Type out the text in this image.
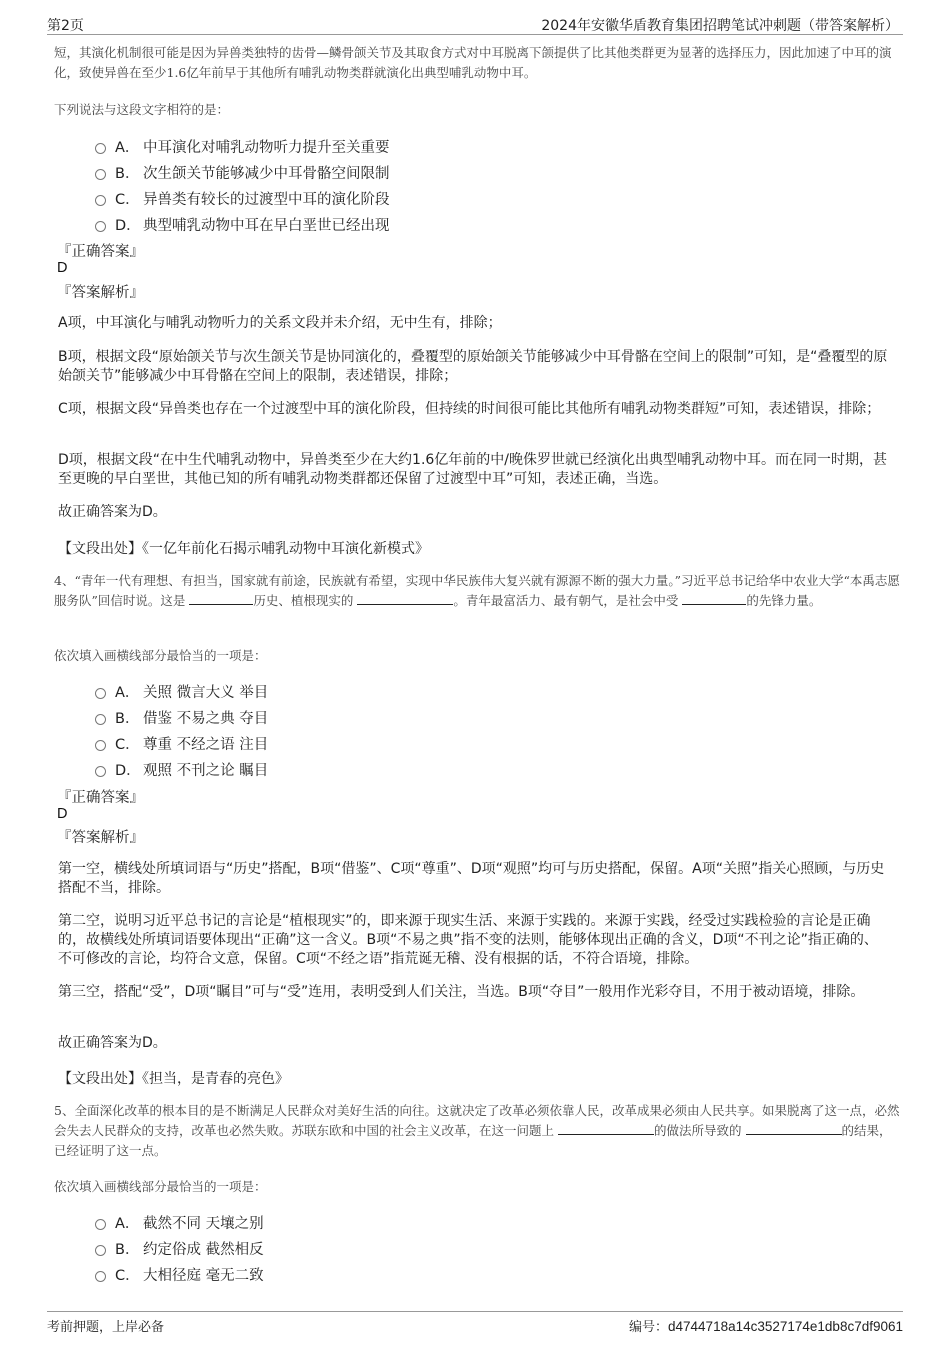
第2页	2024年安徽华盾教育集团招聘笔试冲刺题（带答案解析）
短，其演化机制很可能是因为异兽类独特的齿骨—鳞骨颌关节及其取食方式对中耳脱离下颌提供了比其他类群更为显著的选择压力，因此加速了中耳的演化，致使异兽在至少1.6亿年前早于其他所有哺乳动物类群就演化出典型哺乳动物中耳。
下列说法与这段文字相符的是：
A． 中耳演化对哺乳动物听力提升至关重要
B． 次生颌关节能够减少中耳骨骼空间限制
C． 异兽类有较长的过渡型中耳的演化阶段
D． 典型哺乳动物中耳在早白垩世已经出现
『正确答案』
D
『答案解析』
A项，中耳演化与哺乳动物听力的关系文段并未介绍，无中生有，排除；
B项，根据文段“原始颌关节与次生颌关节是协同演化的，叠覆型的原始颌关节能够减少中耳骨骼在空间上的限制”可知，是“叠覆型的原始颌关节”能够减少中耳骨骼在空间上的限制，表述错误，排除；
C项，根据文段“异兽类也存在一个过渡型中耳的演化阶段，但持续的时间很可能比其他所有哺乳动物类群短”可知，表述错误，排除；
D项，根据文段“在中生代哺乳动物中，异兽类至少在大约1.6亿年前的中/晚侏罗世就已经演化出典型哺乳动物中耳。而在同一时期，甚至更晚的早白垩世，其他已知的所有哺乳动物类群都还保留了过渡型中耳”可知，表述正确，当选。
故正确答案为D。
【文段出处】《一亿年前化石揭示哺乳动物中耳演化新模式》
4、“青年一代有理想、有担当，国家就有前途，民族就有希望，实现中华民族伟大复兴就有源源不断的强大力量。”习近平总书记给华中农业大学“本禹志愿服务队”回信时说。这是	历史、植根现实的	。青年最富活力、最有朝气，是社会中受	的先锋力量。
依次填入画横线部分最恰当的一项是：
A． 关照 微言大义 举目
B． 借鉴 不易之典 夺目
C． 尊重 不经之语 注目
D． 观照 不刊之论 瞩目
『正确答案』
D
『答案解析』
第一空，横线处所填词语与“历史”搭配，B项“借鉴”、C项“尊重”、D项“观照”均可与历史搭配，保留。A项“关照”指关心照顾，与历史搭配不当，排除。
第二空，说明习近平总书记的言论是“植根现实”的，即来源于现实生活、来源于实践的。来源于实践，经受过实践检验的言论是正确的，故横线处所填词语要体现出“正确”这一含义。B项“不易之典”指不变的法则，能够体现出正确的含义，D项“不刊之论”指正确的、不可修改的言论，均符合文意，保留。C项“不经之语”指荒诞无稽、没有根据的话，不符合语境，排除。
第三空，搭配“受”，D项“瞩目”可与“受”连用，表明受到人们关注，当选。B项“夺目”一般用作光彩夺目，不用于被动语境，排除。
故正确答案为D。
【文段出处】《担当，是青春的亮色》
5、全面深化改革的根本目的是不断满足人民群众对美好生活的向往。这就决定了改革必须依靠人民，改革成果必须由人民共享。如果脱离了这一点，必然会失去人民群众的支持，改革也必然失败。苏联东欧和中国的社会主义改革，在这一问题上	的做法所导致的	的结果，已经证明了这一点。
依次填入画横线部分最恰当的一项是：
A． 截然不同 天壤之别
B． 约定俗成 截然相反
C． 大相径庭 毫无二致
考前押题，上岸必备	编号：d4744718a14c3527174e1db8c7df9061
